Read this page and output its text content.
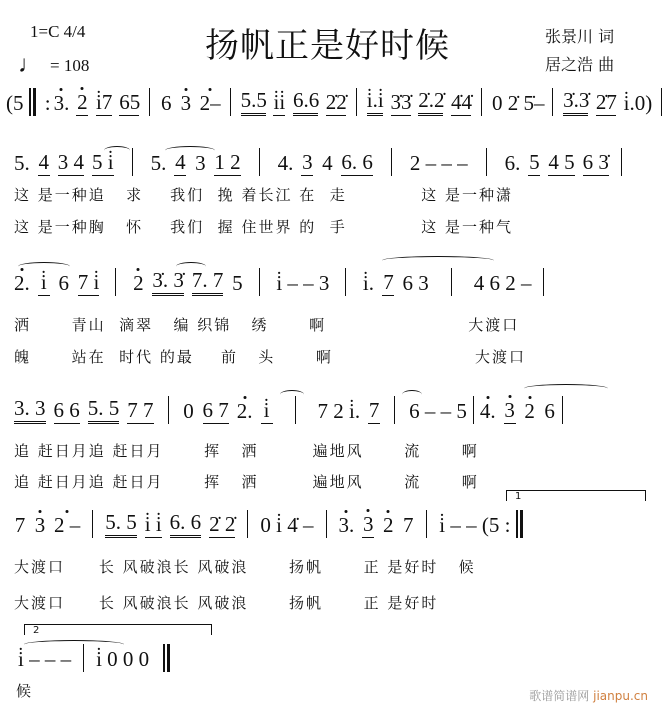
扬帆正是好时候
1=C 4/4
♩ = 108
张景川 词
居之浩 曲
(5 : 3. 2 i̇7 65 6 3 2– 5.5 i̇i̇ 6.6 2̇2̇ i̇.i̇ 3̇3̇ 2̇.2̇ 4̇4̇ 0 2̇ 5̇– 3̇.3̇ 2̇7 i̇.0)
5. 4 3 4 5 i̇ 5. 4 3 1 2 4. 3 4 6. 6 2 – – – 6. 5 4 5 6 3̇
这 是一种追   求    我们  挽 着长江 在  走           这 是一种潇
这 是一种胸   怀    我们  握 住世界 的  手           这 是一种气
2. i̇ 6 7 i̇ 2 3̇. 3̇ 7. 7 5 i̇ – – 3 i̇. 7 6 3 4 6 2 –
洒      青山  滴翠   编 织锦   绣      啊                     大渡口
魄      站在  时代 的最    前   头      啊                     大渡口
3. 3 6 6 5. 5 7 7 0 6 7 2. i̇ 7 2 i̇. 7 6 – – 5 4. 3 2 6
追 赶日月追 赶日月      挥   洒        遍地风      流      啊
追 赶日月追 赶日月      挥   洒        遍地风      流      啊
1
7 3 2 – 5. 5 i̇ i̇ 6. 6 2̇ 2̇ 0 i̇ 4̇ – 3. 3 2 7 i̇ – – (5 :
大渡口     长 风破浪长 风破浪      扬帆      正 是好时   候
大渡口     长 风破浪长 风破浪      扬帆      正 是好时
2
i̇ – – – i̇ 0 0 0
候	歌谱简谱网 jianpu.cn
